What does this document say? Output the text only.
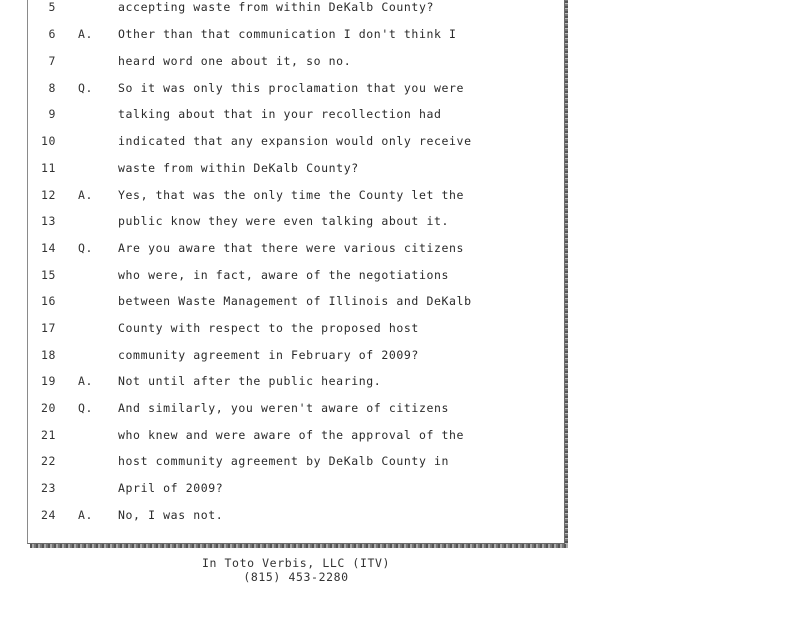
5	accepting waste from within DeKalb County?
6 A. Other than that communication I don't think I
7	heard word one about it, so no.
8 Q. So it was only this proclamation that you were
9	talking about that in your recollection had
10	indicated that any expansion would only receive
11	waste from within DeKalb County?
12 A. Yes, that was the only time the County let the
13	public know they were even talking about it.
14 Q. Are you aware that there were various citizens
15	who were, in fact, aware of the negotiations
16	between Waste Management of Illinois and DeKalb
17	County with respect to the proposed host
18	community agreement in February of 2009?
19 A. Not until after the public hearing.
20 Q. And similarly, you weren't aware of citizens
21	who knew and were aware of the approval of the
22	host community agreement by DeKalb County in
23	April of 2009?
24 A. No, I was not.
In Toto Verbis, LLC (ITV)
(815) 453-2280
